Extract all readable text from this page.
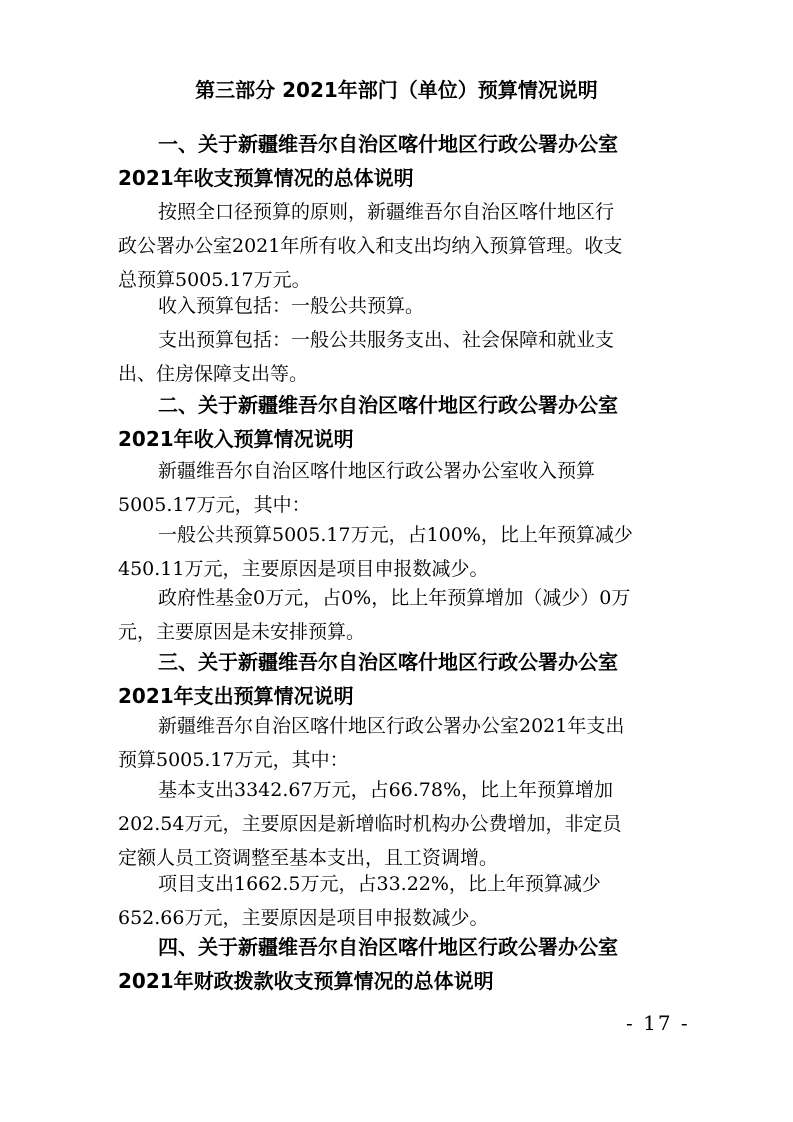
第三部分 2021年部门（单位）预算情况说明
一、关于新疆维吾尔自治区喀什地区行政公署办公室
2021年收支预算情况的总体说明
按照全口径预算的原则，新疆维吾尔自治区喀什地区行
政公署办公室2021年所有收入和支出均纳入预算管理。收支
总预算5005.17万元。
收入预算包括：一般公共预算。
支出预算包括：一般公共服务支出、社会保障和就业支
出、住房保障支出等。
二、关于新疆维吾尔自治区喀什地区行政公署办公室
2021年收入预算情况说明
新疆维吾尔自治区喀什地区行政公署办公室收入预算
5005.17万元，其中：
一般公共预算5005.17万元，占100%，比上年预算减少
450.11万元，主要原因是项目申报数减少。
政府性基金0万元，占0%，比上年预算增加（减少）0万
元，主要原因是未安排预算。
三、关于新疆维吾尔自治区喀什地区行政公署办公室
2021年支出预算情况说明
新疆维吾尔自治区喀什地区行政公署办公室2021年支出
预算5005.17万元，其中：
基本支出3342.67万元，占66.78%，比上年预算增加
202.54万元，主要原因是新增临时机构办公费增加，非定员
定额人员工资调整至基本支出，且工资调增。
项目支出1662.5万元，占33.22%，比上年预算减少
652.66万元，主要原因是项目申报数减少。
四、关于新疆维吾尔自治区喀什地区行政公署办公室
2021年财政拨款收支预算情况的总体说明
- 17 -
